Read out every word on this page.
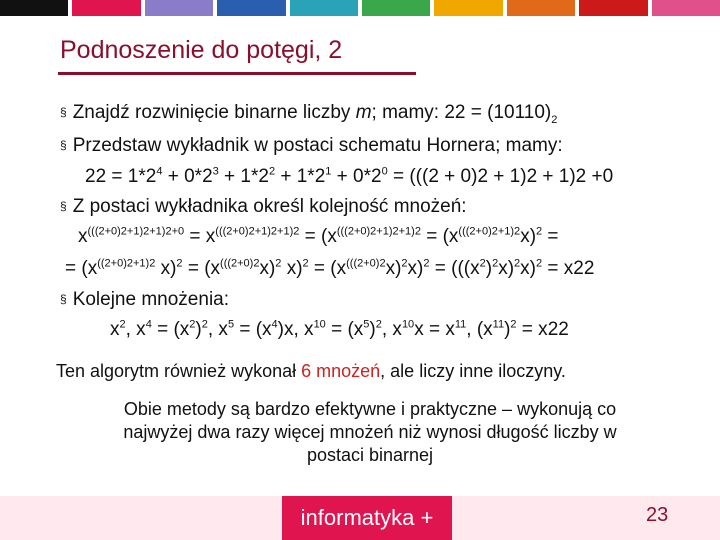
Podnoszenie do potęgi, 2
§ Znajdź rozwinięcie binarne liczby m; mamy: $22 = (10110)_2$
§ Przedstaw wykładnik w postaci schematu Hornera; mamy:
$22 = 1*2^4 + 0*2^3 + 1*2^2 + 1*2^1 + 0*2^0 = (((2 + 0)2 + 1)2 + 1)2 +0$
§ Z postaci wykładnika określ kolejność mnożeń:
$x^{(((2+0)2+1)2+1)2+0} = x^{(((2+0)2+1)2+1)2} = (x^{(((2+0)2+1)2+1)2} = (x^{(((2+0)2+1)2}x)^2$ =
= ($x^{((2+0)2+1)2}$ $x)^2 = (x^{(((2+0)2}x)^2$ $x)^2 = (x^{(((2+0)2}x)^2x)^2 = (((x^2)^2x)^2x)^2 = x22$
§ Kolejne mnożenia:
$x^2$, $x^4 = (x^2)^2$, $x^5 = (x^4)x$, $x^{10} = (x^5)^2$, $x^{10}x = x^{11}$, $(x^{11})^2 = x22$
Ten algorytm również wykonał 6 mnożeń, ale liczy inne iloczyny.
Obie metody są bardzo efektywne i praktyczne – wykonują co
najwyżej dwa razy więcej mnożeń niż wynosi długość liczby w
postaci binarnej
informatyka +	23
